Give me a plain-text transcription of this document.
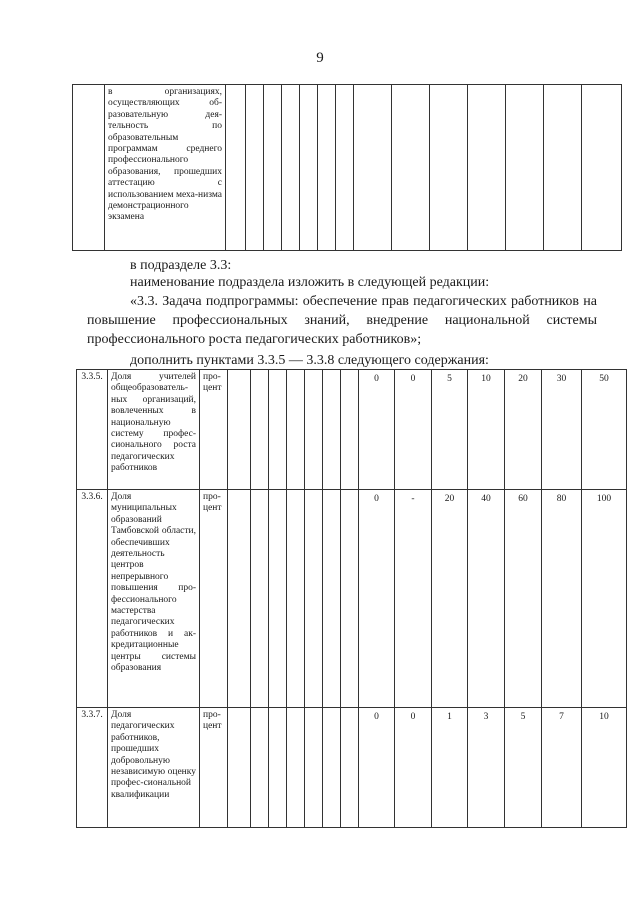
9

в организациях, осуществляющих об-разовательную дея-тельность по образовательным программам среднего профессионального образования, прошедших аттестацию с использованием меха-низма демонстрационного экзамена

в подразделе 3.3:
наименование подраздела изложить в следующей редакции:
«3.3. Задача подпрограммы: обеспечение прав педагогических работников на повышение профессиональных знаний, внедрение национальной системы профессионального роста педагогических работников»;
дополнить пунктами 3.3.5 — 3.3.8 следующего содержания:
3.3.5.	Доля учителей общеобразователь-ных организаций, вовлеченных в национальную систему профес-сионального роста педагогических работников	про-цент								0	0	5	10	20	30	50

3.3.6.	Доля муниципальных образований Тамбовской области, обеспечивших деятельность центров непрерывного повышения про-фессионального мастерства педагогических работников и ак-кредитационные центры системы образования	про-цент								0	-	20	40	60	80	100

3.3.7.	Доля педагогических работников, прошедших добровольную независимую оценку профес-сиональной квалификации	про-цент								0	0	1	3	5	7	10
